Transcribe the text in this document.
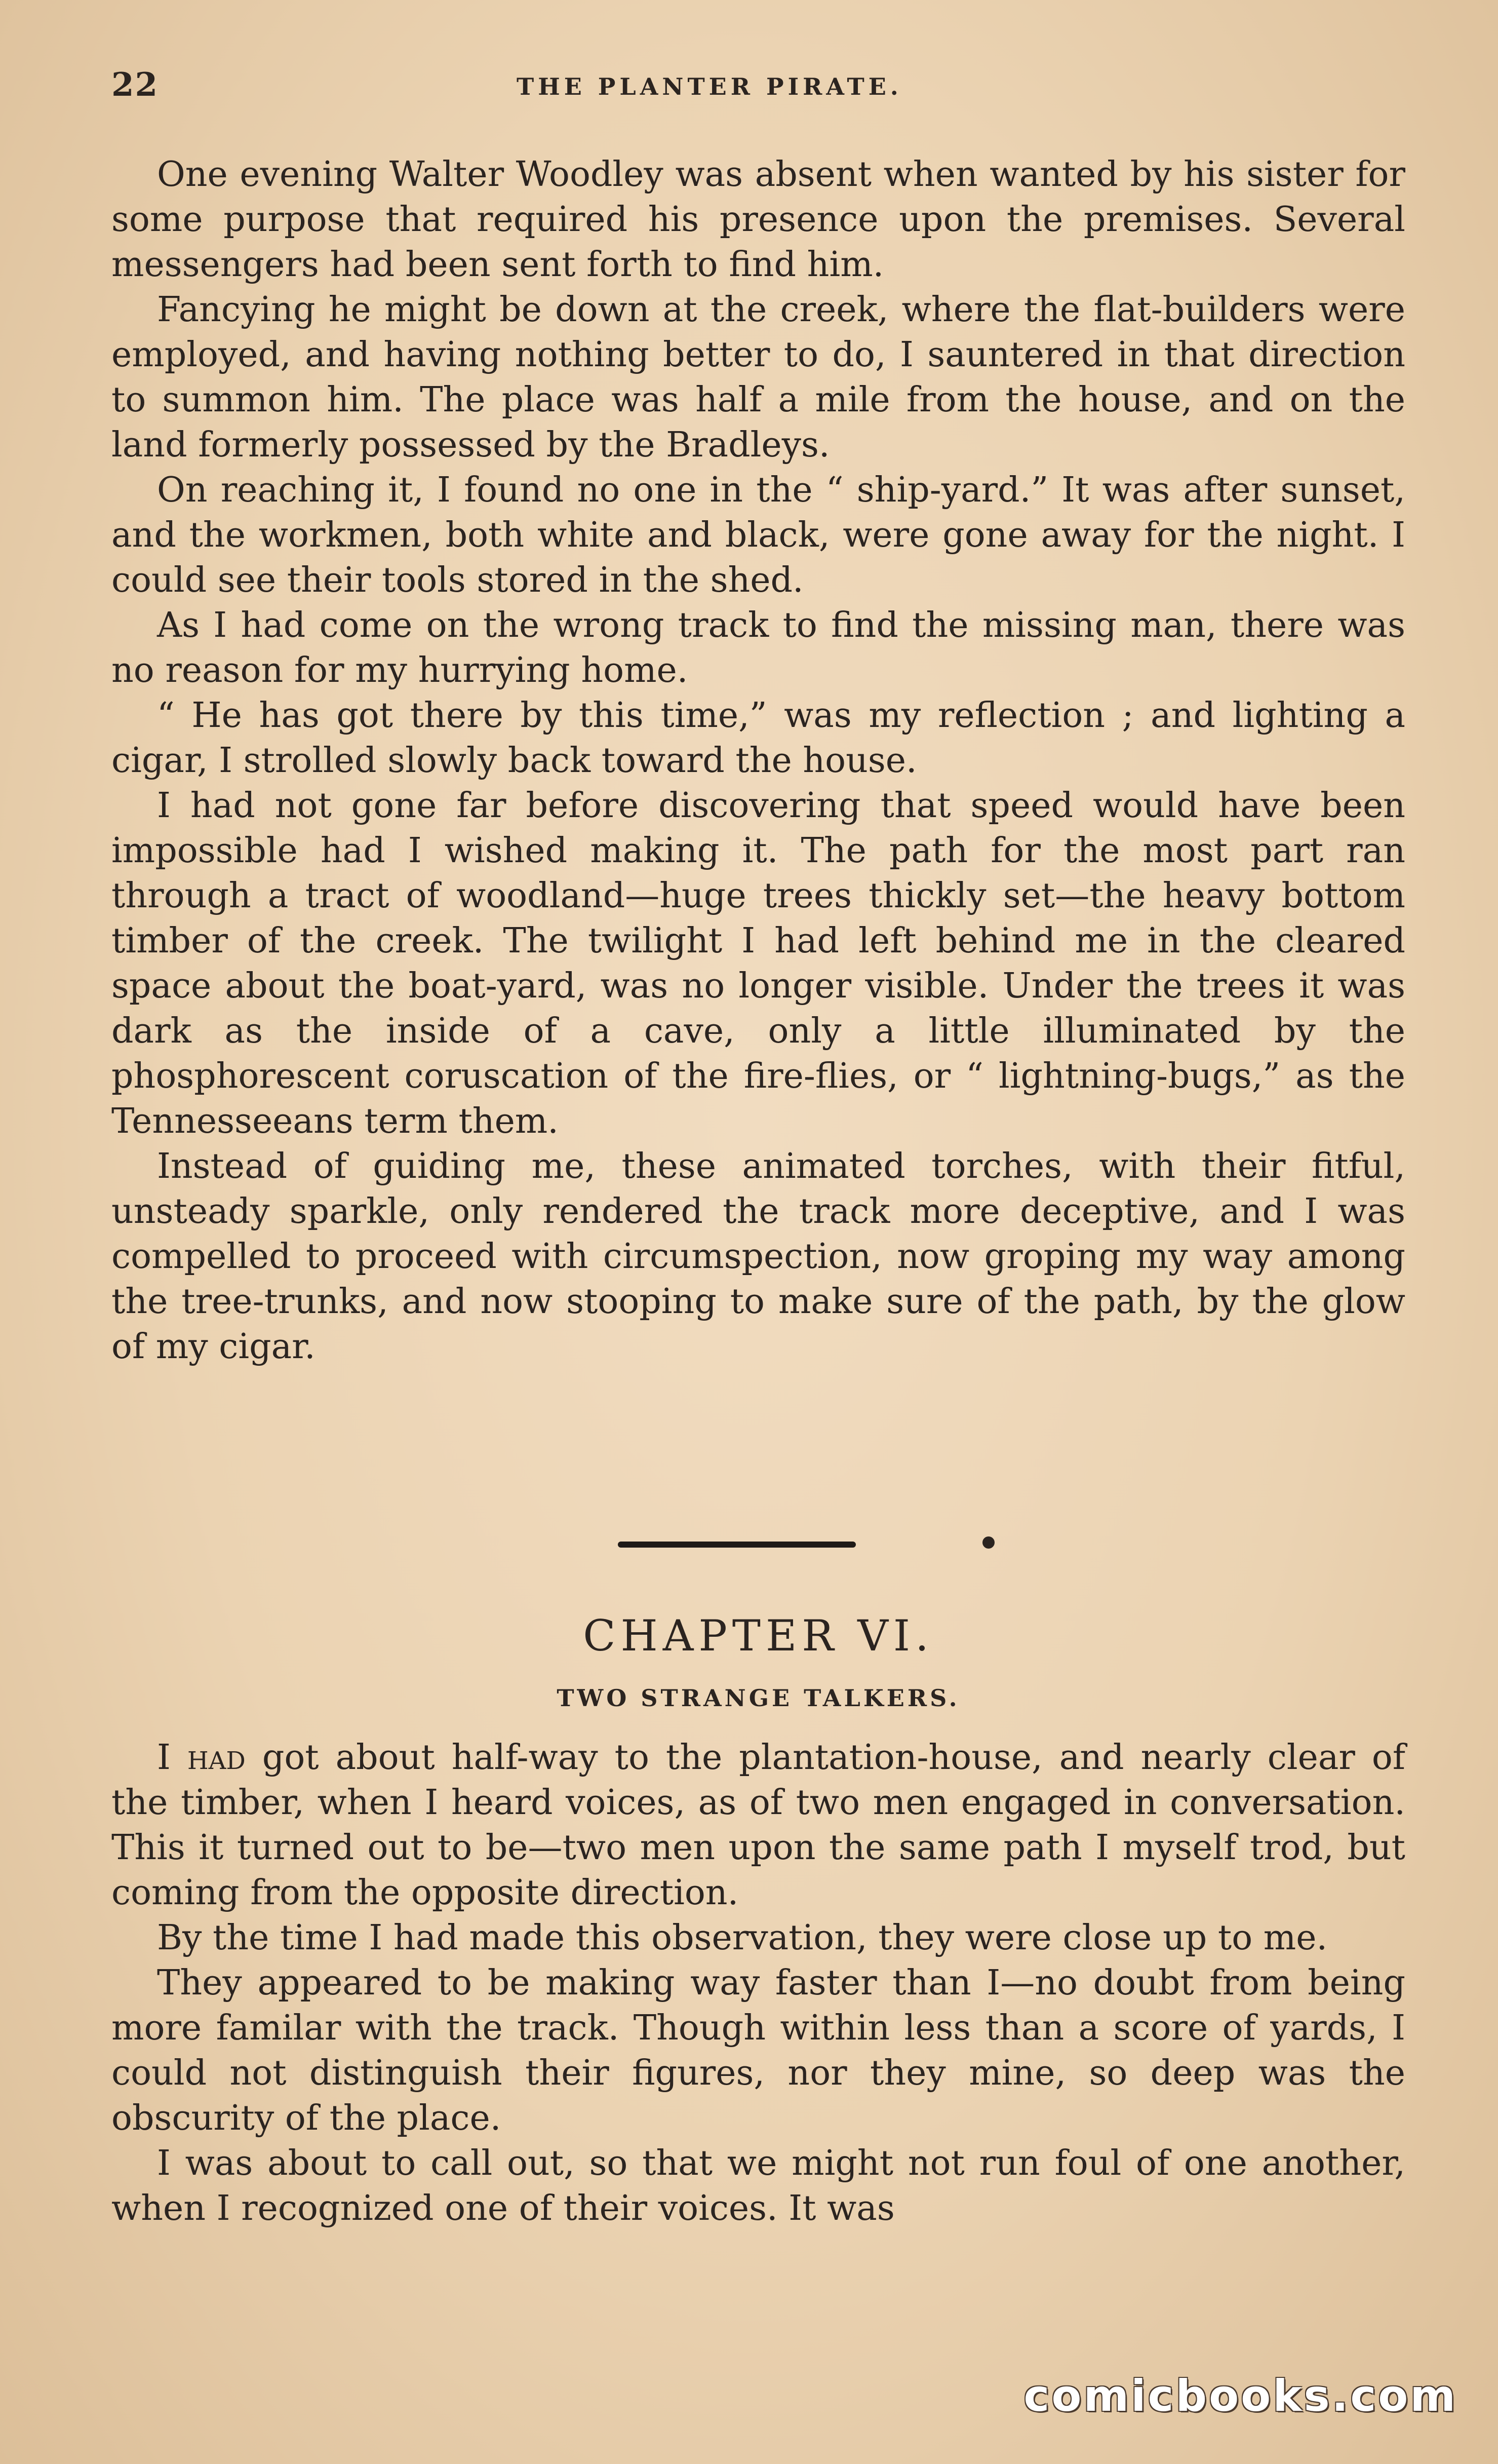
22	THE PLANTER PIRATE.

One evening Walter Woodley was absent when wanted by his sister for some purpose that required his presence upon the premises. Several messengers had been sent forth to find him.

Fancying he might be down at the creek, where the flat-builders were employed, and having nothing better to do, I sauntered in that direction to summon him. The place was half a mile from the house, and on the land formerly possessed by the Bradleys.

On reaching it, I found no one in the “ ship-yard.” It was after sunset, and the workmen, both white and black, were gone away for the night. I could see their tools stored in the shed.

As I had come on the wrong track to find the missing man, there was no reason for my hurrying home.

“ He has got there by this time,” was my reflection ; and lighting a cigar, I strolled slowly back toward the house.

I had not gone far before discovering that speed would have been impossible had I wished making it. The path for the most part ran through a tract of woodland—huge trees thickly set—the heavy bottom timber of the creek. The twilight I had left behind me in the cleared space about the boat-yard, was no longer visible. Under the trees it was dark as the inside of a cave, only a little illuminated by the phosphorescent coruscation of the fire-flies, or “ lightning-bugs,” as the Tennesseeans term them.

Instead of guiding me, these animated torches, with their fitful, unsteady sparkle, only rendered the track more deceptive, and I was compelled to proceed with circumspection, now groping my way among the tree-trunks, and now stooping to make sure of the path, by the glow of my cigar.

CHAPTER VI.
TWO STRANGE TALKERS.

I had got about half-way to the plantation-house, and nearly clear of the timber, when I heard voices, as of two men engaged in conversation. This it turned out to be—two men upon the same path I myself trod, but coming from the opposite direction.

By the time I had made this observation, they were close up to me.

They appeared to be making way faster than I—no doubt from being more familar with the track. Though within less than a score of yards, I could not distinguish their figures, nor they mine, so deep was the obscurity of the place.

I was about to call out, so that we might not run foul of one another, when I recognized one of their voices. It was

comicbooks.com
